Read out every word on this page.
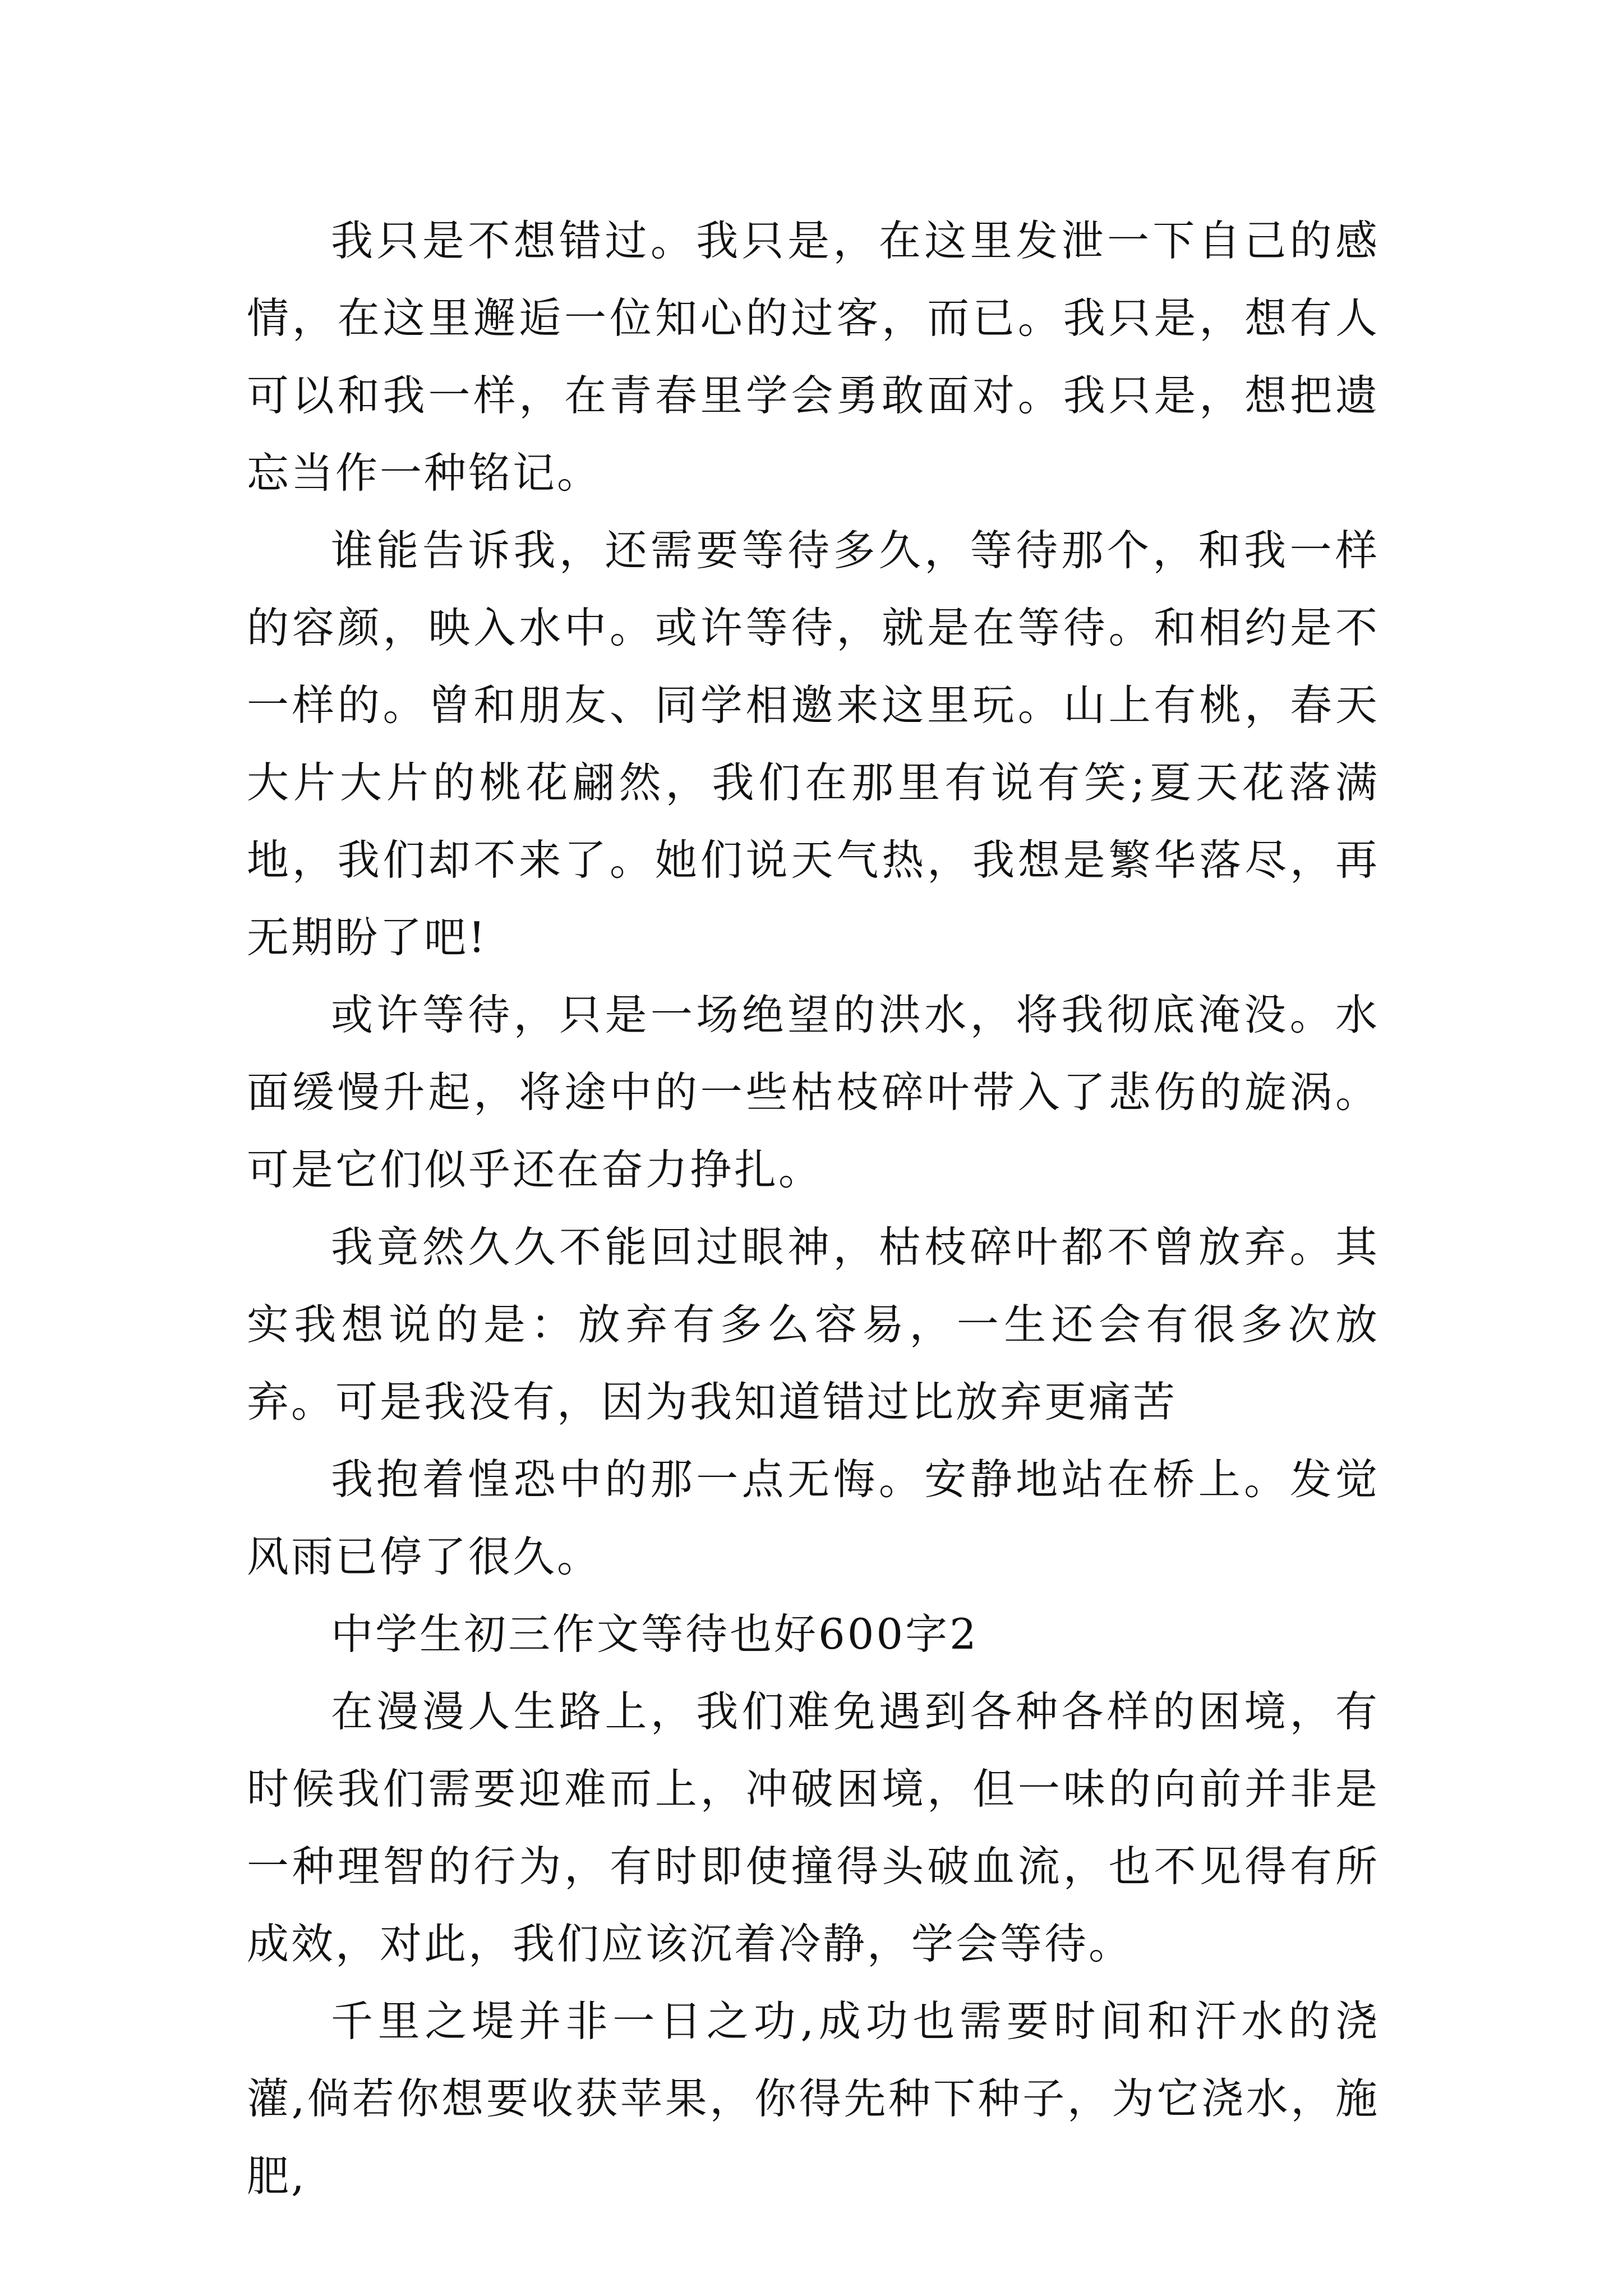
我只是不想错过。我只是，在这里发泄一下自己的感情，在这里邂逅一位知心的过客，而已。我只是，想有人可以和我一样，在青春里学会勇敢面对。我只是，想把遗忘当作一种铭记。

谁能告诉我，还需要等待多久，等待那个，和我一样的容颜，映入水中。或许等待，就是在等待。和相约是不一样的。曾和朋友、同学相邀来这里玩。山上有桃，春天大片大片的桃花翩然，我们在那里有说有笑;夏天花落满地，我们却不来了。她们说天气热，我想是繁华落尽，再无期盼了吧!

或许等待，只是一场绝望的洪水，将我彻底淹没。水面缓慢升起，将途中的一些枯枝碎叶带入了悲伤的旋涡。可是它们似乎还在奋力挣扎。

我竟然久久不能回过眼神，枯枝碎叶都不曾放弃。其实我想说的是：放弃有多么容易，一生还会有很多次放弃。可是我没有，因为我知道错过比放弃更痛苦

我抱着惶恐中的那一点无悔。安静地站在桥上。发觉风雨已停了很久。

中学生初三作文等待也好600字2

在漫漫人生路上，我们难免遇到各种各样的困境，有时候我们需要迎难而上，冲破困境，但一味的向前并非是一种理智的行为，有时即使撞得头破血流，也不见得有所成效，对此，我们应该沉着冷静，学会等待。

千里之堤并非一日之功,成功也需要时间和汗水的浇灌,倘若你想要收获苹果，你得先种下种子，为它浇水，施肥,
